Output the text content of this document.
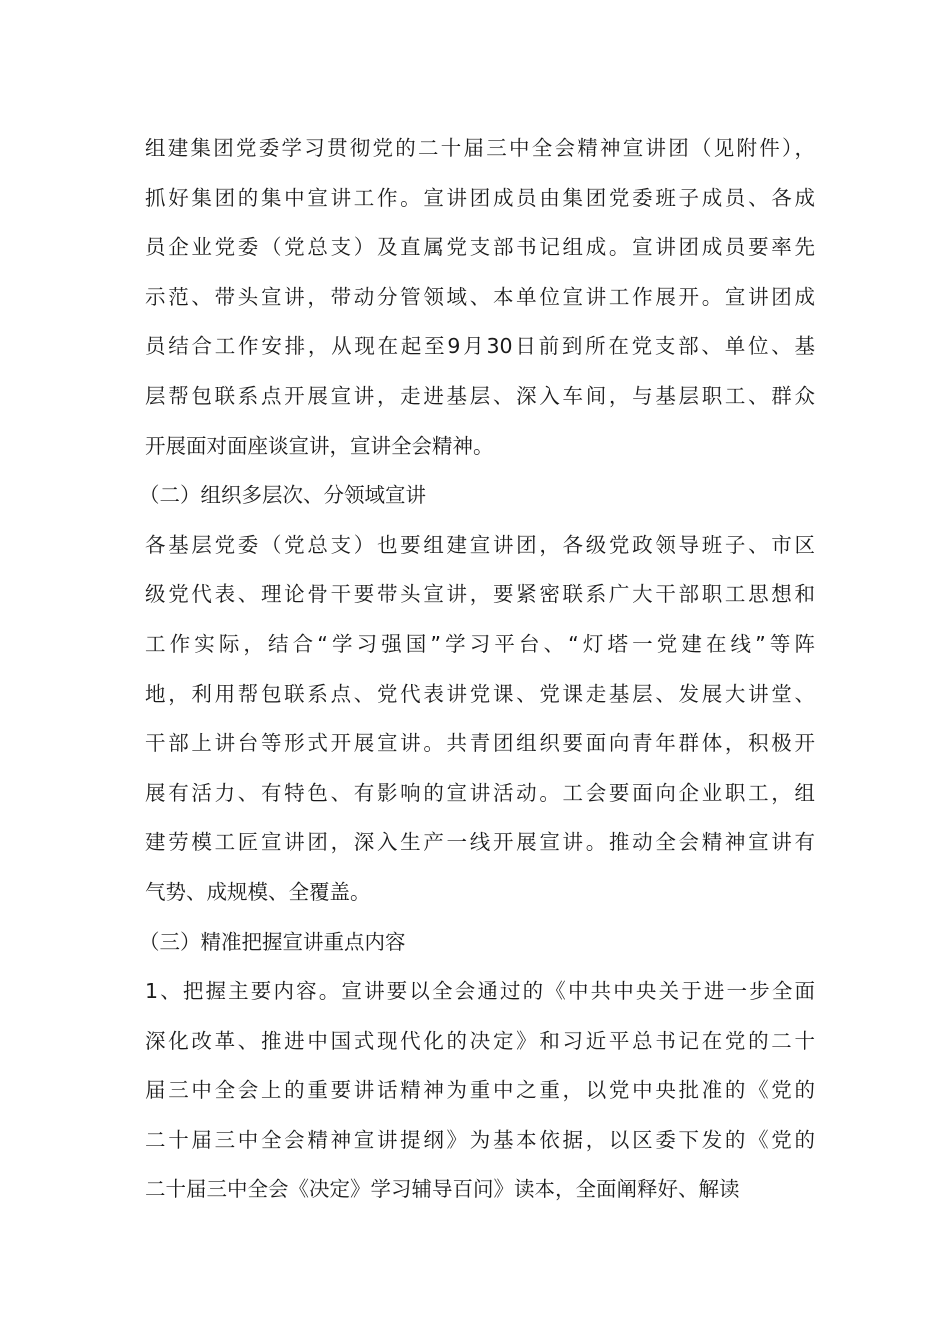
组建集团党委学习贯彻党的二十届三中全会精神宣讲团（见附件），
抓好集团的集中宣讲工作。宣讲团成员由集团党委班子成员、各成
员企业党委（党总支）及直属党支部书记组成。宣讲团成员要率先
示范、带头宣讲，带动分管领域、本单位宣讲工作展开。宣讲团成
员结合工作安排，从现在起至9月30日前到所在党支部、单位、基
层帮包联系点开展宣讲，走进基层、深入车间，与基层职工、群众
开展面对面座谈宣讲，宣讲全会精神。
（二）组织多层次、分领域宣讲
各基层党委（党总支）也要组建宣讲团，各级党政领导班子、市区
级党代表、理论骨干要带头宣讲，要紧密联系广大干部职工思想和
工作实际，结合“学习强国”学习平台、“灯塔一党建在线”等阵
地，利用帮包联系点、党代表讲党课、党课走基层、发展大讲堂、
干部上讲台等形式开展宣讲。共青团组织要面向青年群体，积极开
展有活力、有特色、有影响的宣讲活动。工会要面向企业职工，组
建劳模工匠宣讲团，深入生产一线开展宣讲。推动全会精神宣讲有
气势、成规模、全覆盖。
（三）精准把握宣讲重点内容
1、把握主要内容。宣讲要以全会通过的《中共中央关于进一步全面
深化改革、推进中国式现代化的决定》和习近平总书记在党的二十
届三中全会上的重要讲话精神为重中之重，以党中央批准的《党的
二十届三中全会精神宣讲提纲》为基本依据，以区委下发的《党的
二十届三中全会《决定》学习辅导百问》读本，全面阐释好、解读
